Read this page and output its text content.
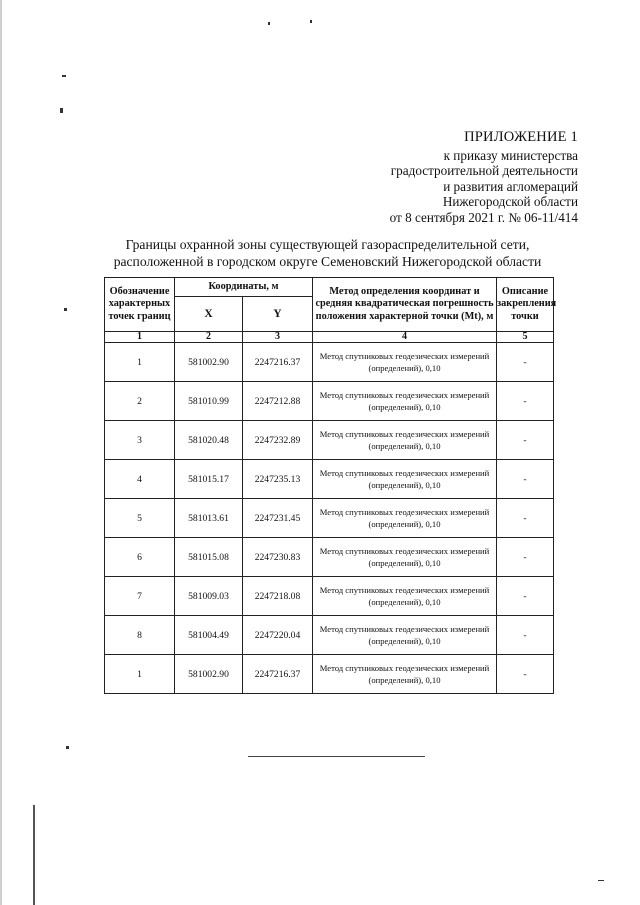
ПРИЛОЖЕНИЕ 1
к приказу министерства
градостроительной деятельности
и развития агломераций
Нижегородской области
от 8 сентября 2021 г. № 06-11/414
Границы охранной зоны существующей газораспределительной сети,
расположенной в городском округе Семеновский Нижегородской области
Обозначение характерных точек границ	Координаты, м		Метод определения координат и средняя квадратическая погрешность положения характерной точки (Mt), м	Описание закрепления точки
	X	Y		
1	2	3	4	5
1	581002.90	2247216.37	Метод спутниковых геодезических измерений (определений), 0,10	-
2	581010.99	2247212.88	Метод спутниковых геодезических измерений (определений), 0,10	-
3	581020.48	2247232.89	Метод спутниковых геодезических измерений (определений), 0,10	-
4	581015.17	2247235.13	Метод спутниковых геодезических измерений (определений), 0,10	-
5	581013.61	2247231.45	Метод спутниковых геодезических измерений (определений), 0,10	-
6	581015.08	2247230.83	Метод спутниковых геодезических измерений (определений), 0,10	-
7	581009.03	2247218.08	Метод спутниковых геодезических измерений (определений), 0,10	-
8	581004.49	2247220.04	Метод спутниковых геодезических измерений (определений), 0,10	-
1	581002.90	2247216.37	Метод спутниковых геодезических измерений (определений), 0,10	-
